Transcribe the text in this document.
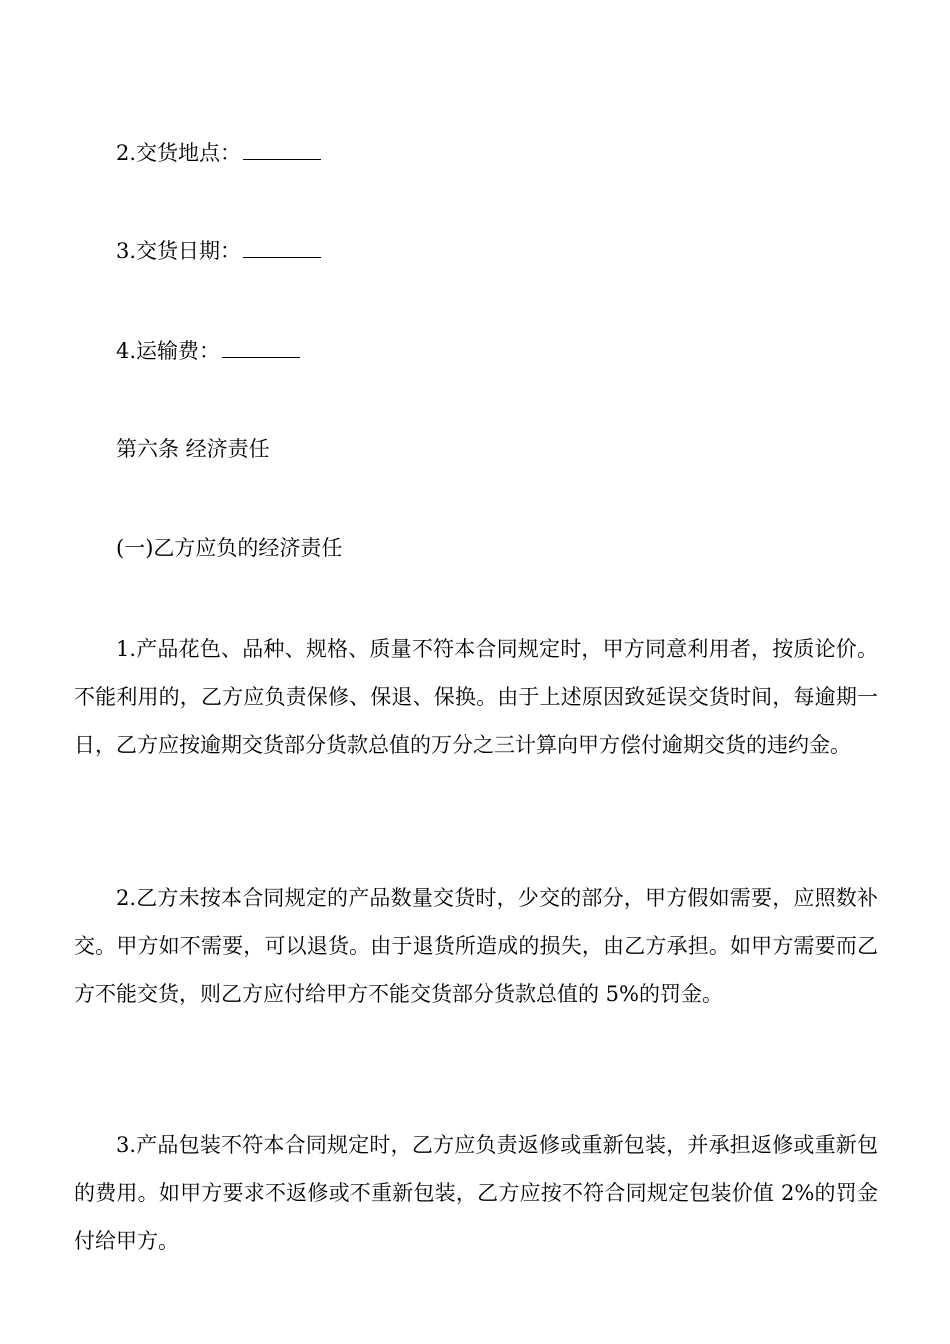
2.交货地点：
3.交货日期：
4.运输费：
第六条 经济责任
(一)乙方应负的经济责任

1.产品花色、品种、规格、质量不符本合同规定时，甲方同意利用者，按质论价。不能利用的，乙方应负责保修、保退、保换。由于上述原因致延误交货时间，每逾期一日，乙方应按逾期交货部分货款总值的万分之三计算向甲方偿付逾期交货的违约金。

2.乙方未按本合同规定的产品数量交货时，少交的部分，甲方假如需要，应照数补交。甲方如不需要，可以退货。由于退货所造成的损失，由乙方承担。如甲方需要而乙方不能交货，则乙方应付给甲方不能交货部分货款总值的 5%的罚金。

3.产品包装不符本合同规定时，乙方应负责返修或重新包装，并承担返修或重新包的费用。如甲方要求不返修或不重新包装，乙方应按不符合同规定包装价值 2%的罚金付给甲方。
